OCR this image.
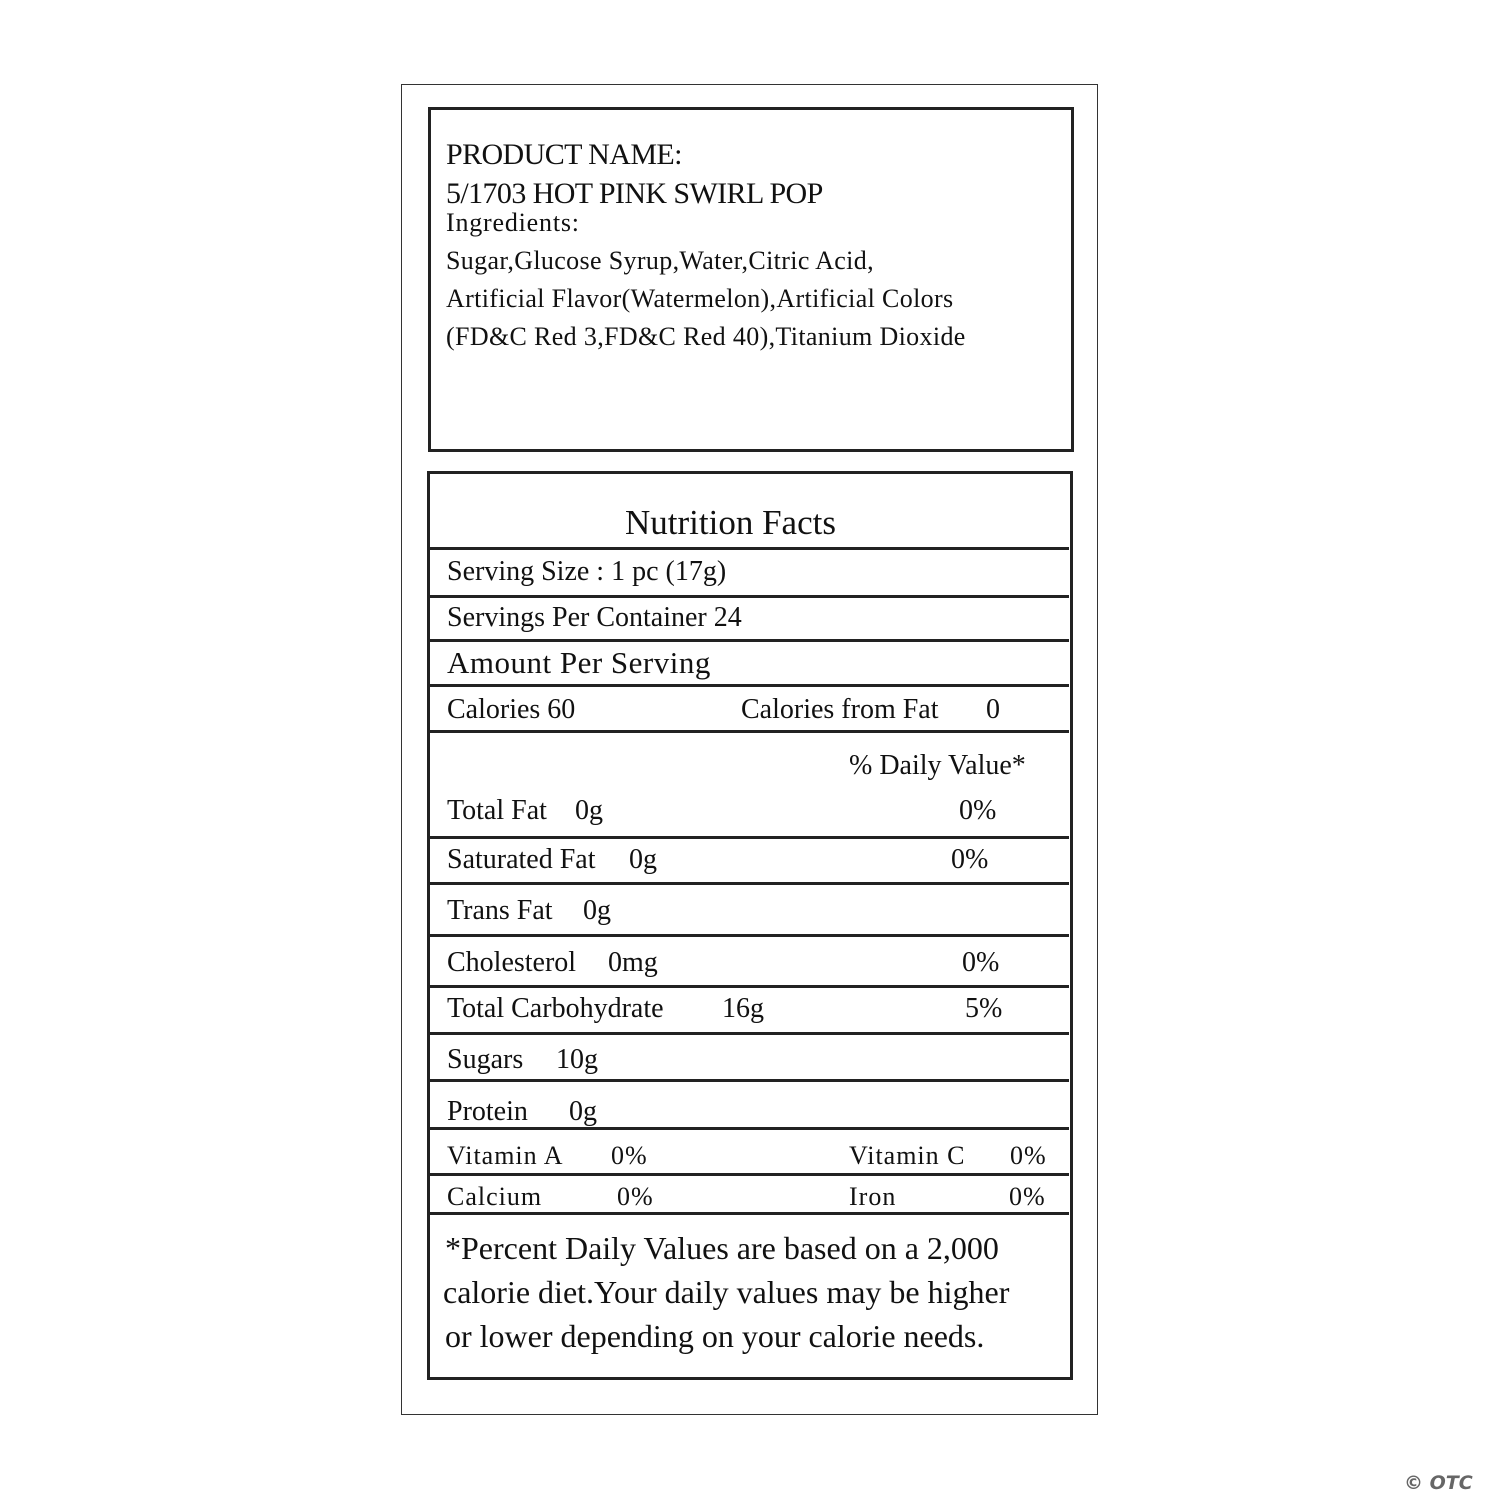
PRODUCT NAME:
5/1703 HOT PINK SWIRL POP
Ingredients:
Sugar,Glucose Syrup,Water,Citric Acid,
Artificial Flavor(Watermelon),Artificial Colors
(FD&C Red 3,FD&C Red 40),Titanium Dioxide
Nutrition Facts
Serving Size : 1 pc (17g)
Servings Per Container 24
Amount Per Serving
Calories 60	Calories from Fat 0
% Daily Value*
Total Fat 0g	0%
Saturated Fat 0g	0%
Trans Fat 0g
Cholesterol 0mg	0%
Total Carbohydrate 16g	5%
Sugars 10g
Protein 0g
Vitamin A 0%	Vitamin C 0%
Calcium	0%	Iron	0%
*Percent Daily Values are based on a 2,000
calorie diet.Your daily values may be higher
or lower depending on your calorie needs.
© OTC
